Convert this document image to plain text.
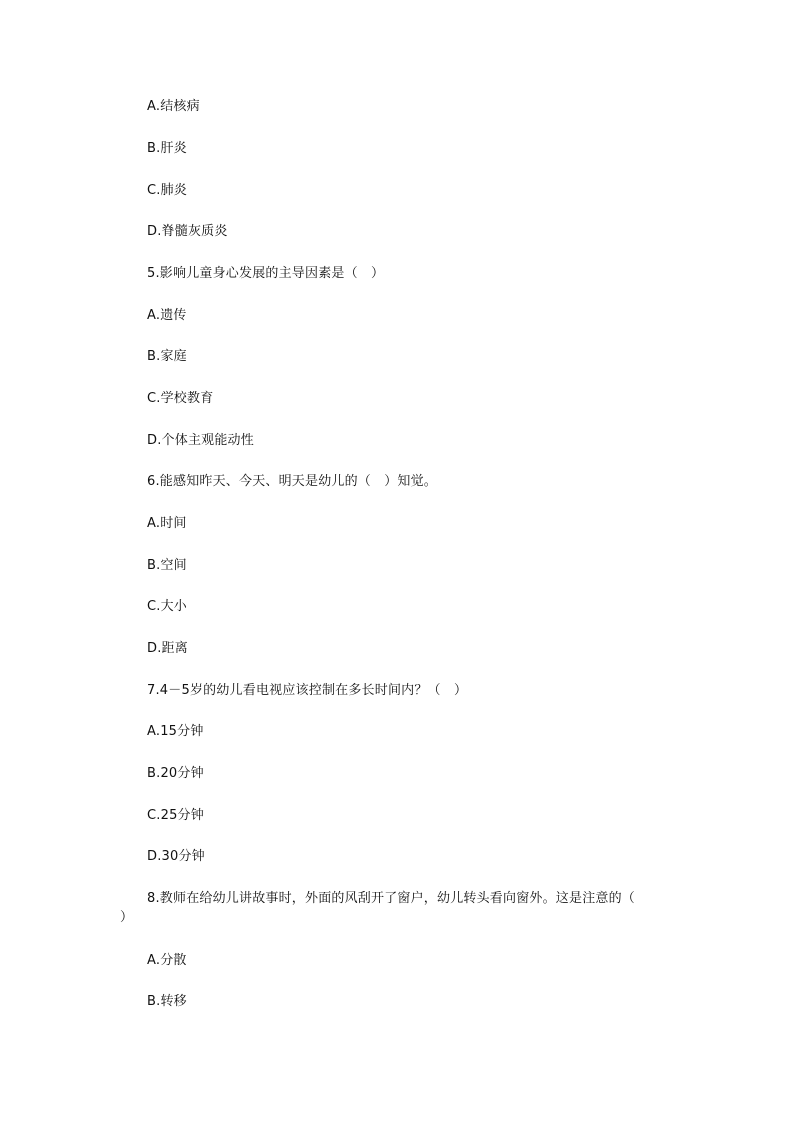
A.结核病
B.肝炎
C.肺炎
D.脊髓灰质炎
5.影响儿童身心发展的主导因素是（　）
A.遗传
B.家庭
C.学校教育
D.个体主观能动性
6.能感知昨天、今天、明天是幼儿的（　）知觉。
A.时间
B.空间
C.大小
D.距离
7.4－5岁的幼儿看电视应该控制在多长时间内？（　）
A.15分钟
B.20分钟
C.25分钟
D.30分钟
8.教师在给幼儿讲故事时，外面的风刮开了窗户，幼儿转头看向窗外。这是注意的（
）
A.分散
B.转移
